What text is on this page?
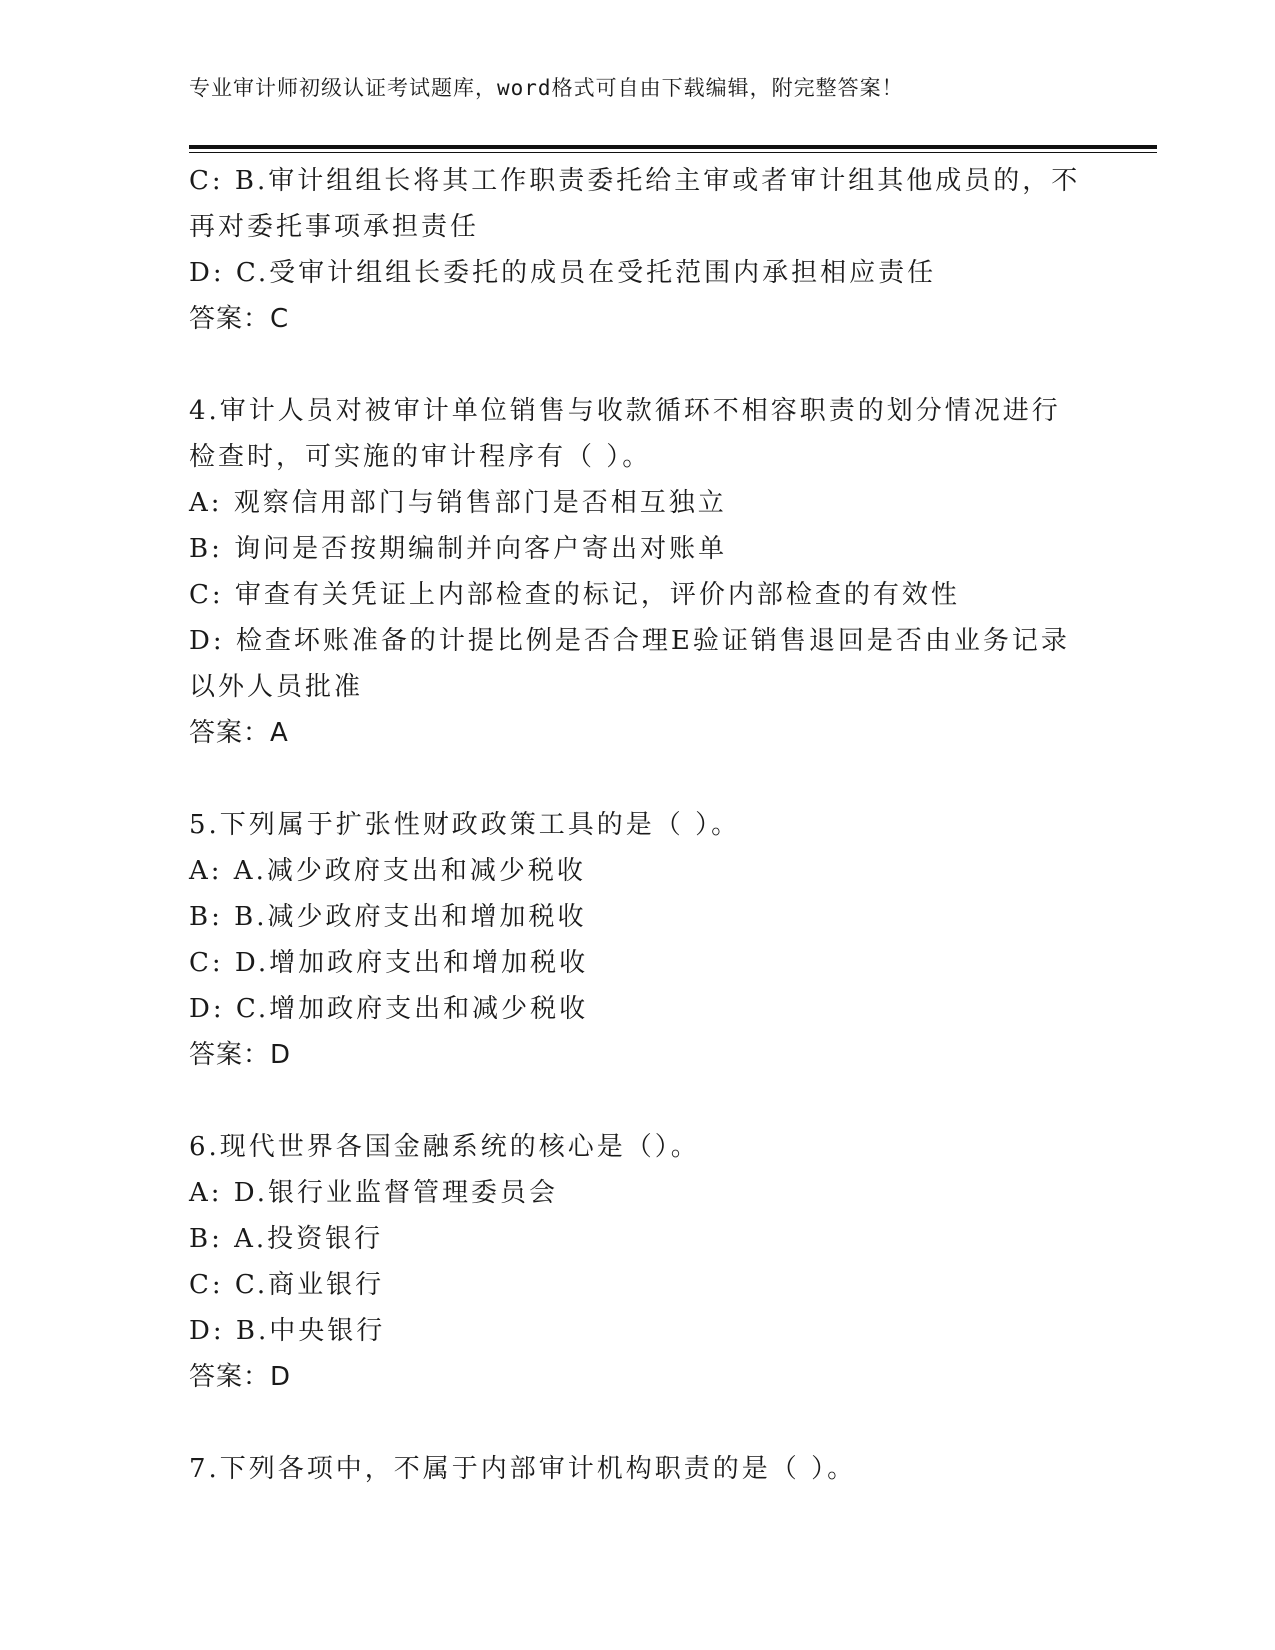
专业审计师初级认证考试题库，word格式可自由下载编辑，附完整答案！
C: B.审计组组长将其工作职责委托给主审或者审计组其他成员的，不
再对委托事项承担责任
D: C.受审计组组长委托的成员在受托范围内承担相应责任
答案：C
4.审计人员对被审计单位销售与收款循环不相容职责的划分情况进行
检查时，可实施的审计程序有（ ）。
A: 观察信用部门与销售部门是否相互独立
B: 询问是否按期编制并向客户寄出对账单
C: 审查有关凭证上内部检查的标记，评价内部检查的有效性
D: 检查坏账准备的计提比例是否合理E验证销售退回是否由业务记录
以外人员批准
答案：A
5.下列属于扩张性财政政策工具的是（ ）。
A: A.减少政府支出和减少税收
B: B.减少政府支出和增加税收
C: D.增加政府支出和增加税收
D: C.增加政府支出和减少税收
答案：D
6.现代世界各国金融系统的核心是（）。
A: D.银行业监督管理委员会
B: A.投资银行
C: C.商业银行
D: B.中央银行
答案：D
7.下列各项中，不属于内部审计机构职责的是（ ）。
